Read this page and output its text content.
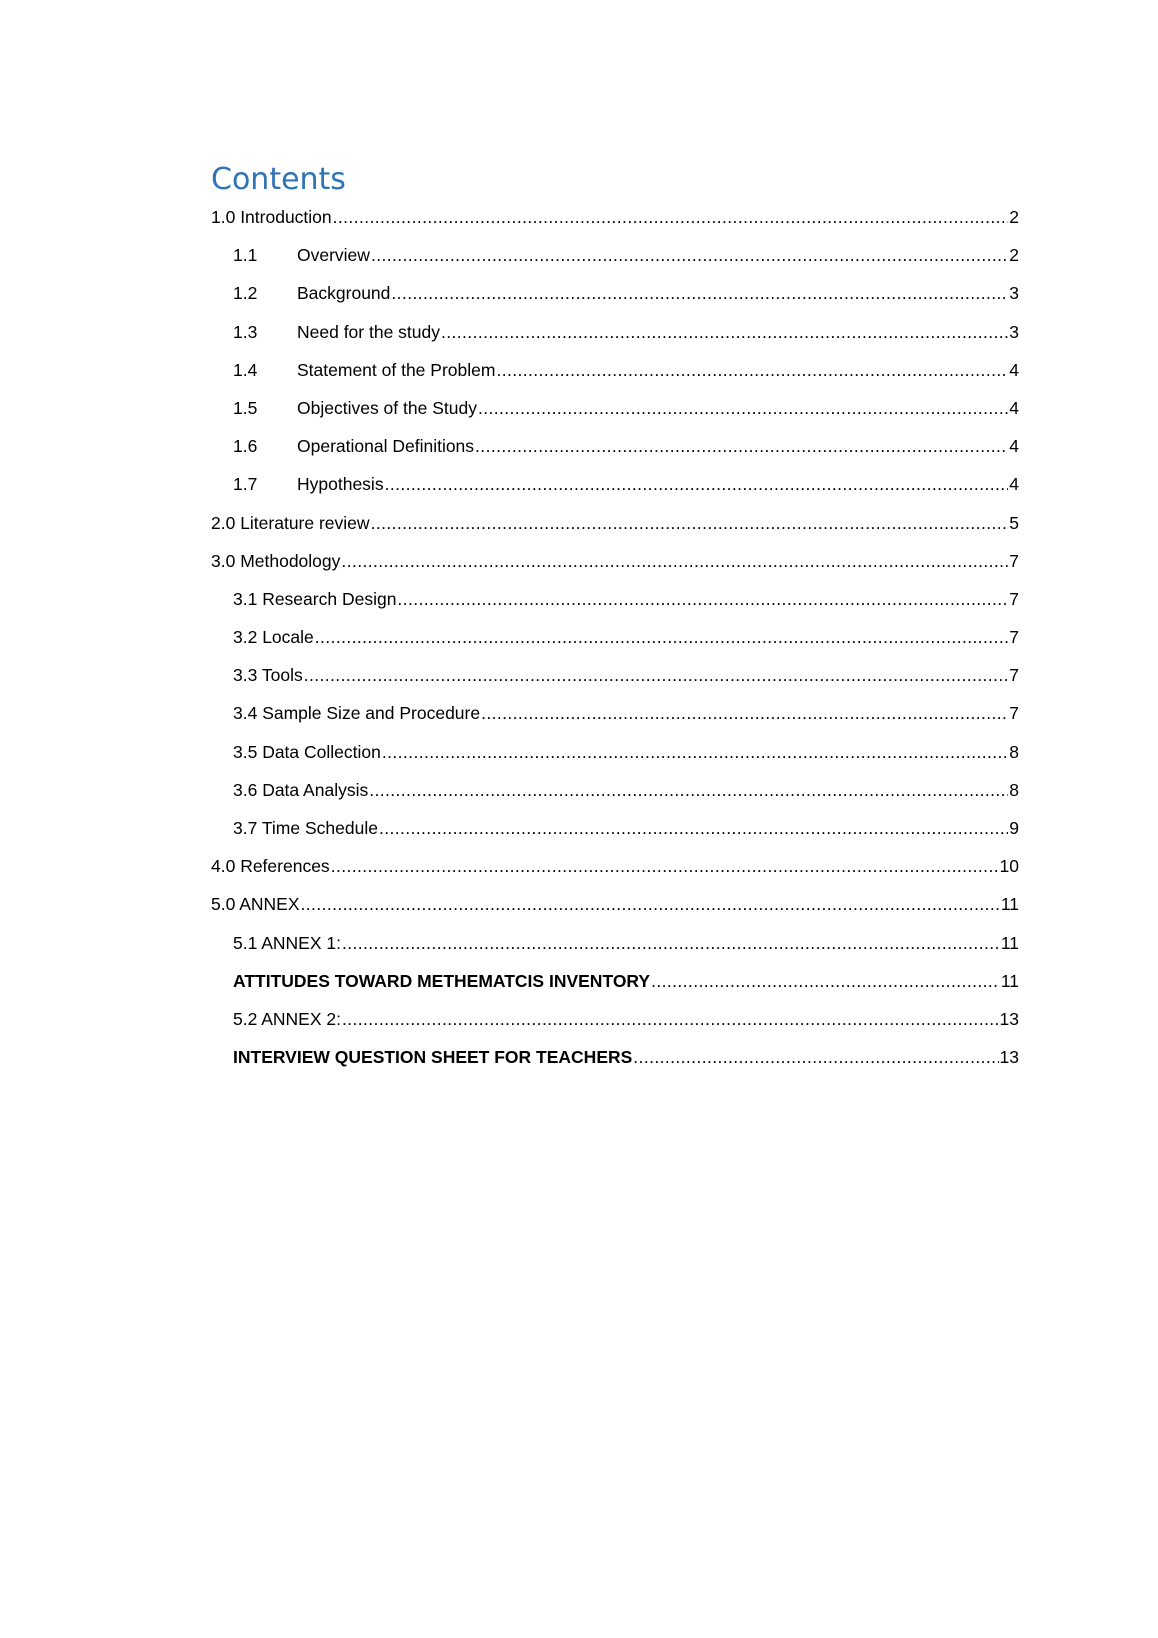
Contents
1.0 Introduction .....	2
1.1	Overview .....	2
1.2	Background .....	3
1.3	Need for the study .....	3
1.4	Statement of the Problem .....	4
1.5	Objectives of the Study .....	4
1.6	Operational Definitions .....	4
1.7	Hypothesis .....	4
2.0 Literature review .....	5
3.0 Methodology .....	7
3.1 Research Design .....	7
3.2 Locale .....	7
3.3 Tools .....	7
3.4 Sample Size and Procedure .....	7
3.5 Data Collection .....	8
3.6 Data Analysis .....	8
3.7 Time Schedule .....	9
4.0 References .....	10
5.0 ANNEX .....	11
5.1 ANNEX 1: .....	11
ATTITUDES TOWARD METHEMATCIS INVENTORY .....	11
5.2 ANNEX 2: .....	13
INTERVIEW QUESTION SHEET FOR TEACHERS .....	13
